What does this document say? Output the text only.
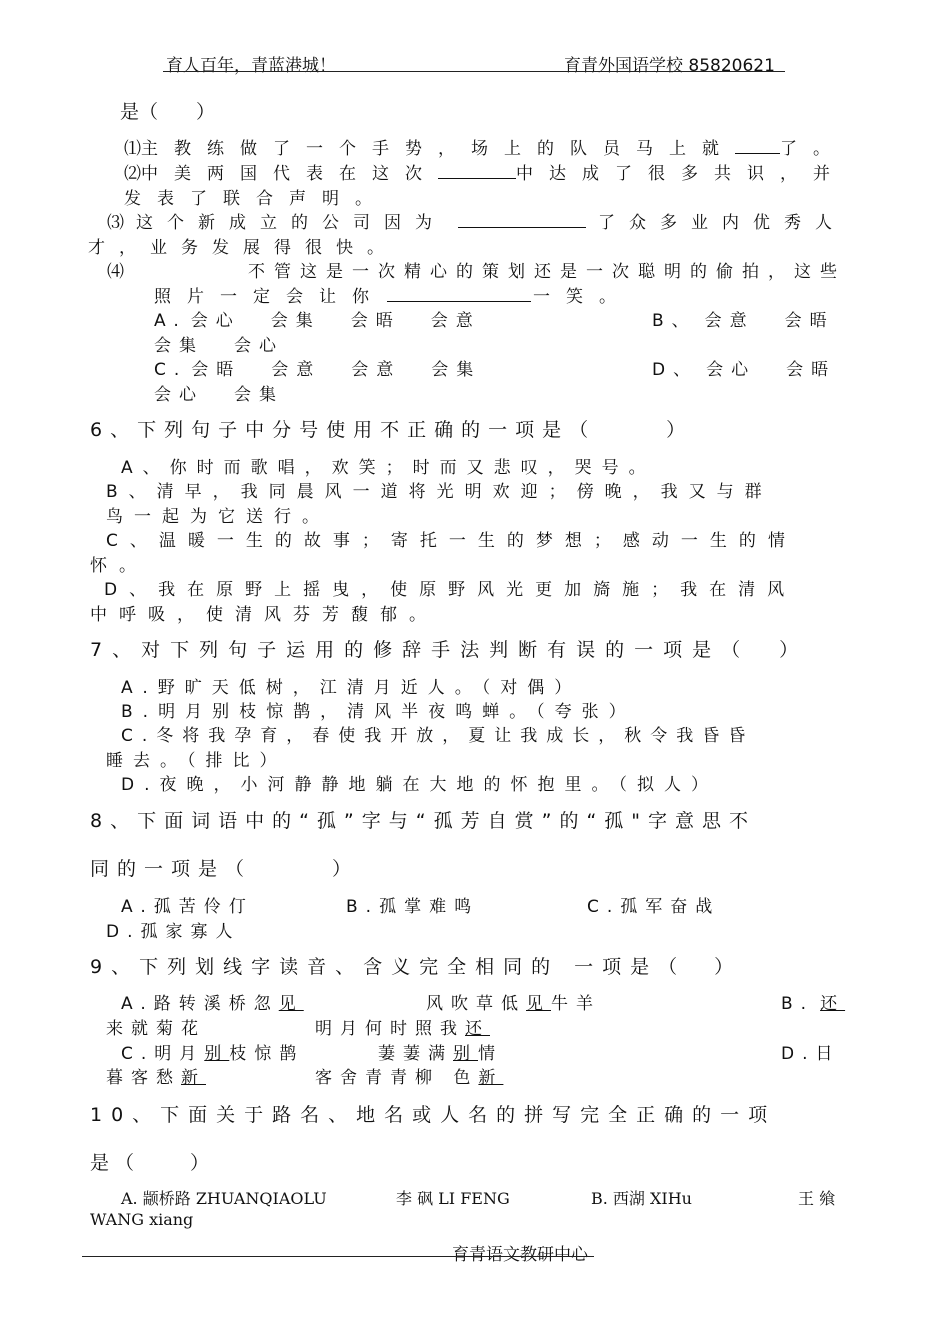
育人百年，青蓝港城！	育青外国语学校 85820621
是（　　）
⑴ 主教练做了一个手势，场上的队员马上就	了。
⑵ 中美两国代表在这次	中达成了很多共识，并
发表了联合声明。
⑶ 这个新成立的公司因为	了众多业内优秀人
才，业务发展得很快。
⑷	不管这是一次精心的策划还是一次聪明的偷拍，这些
照片一定会让你	一笑。
A. 会心 会集 会晤 会意	B、 会意 会晤
会集 会心
C. 会晤 会意 会意 会集	D、 会心 会晤
会心 会集
6、下列句子中分号使用不正确的一项是（	）
A、你时而歌唱，欢笑；时而又悲叹，哭号。
B、清早，我同晨风一道将光明欢迎；傍晚，我又与群
鸟一起为它送行。
C、温暖一生的故事；寄托一生的梦想；感动一生的情
怀。
D、我在原野上摇曳，使原野风光更加旖施；我在清风
中呼吸，使清风芬芳馥郁。
7、对下列句子运用的修辞手法判断有误的一项是（　）
A.野旷天低树，江清月近人。（对偶）
B.明月别枝惊鹊，清风半夜鸣蝉。（夸张）
C.冬将我孕育，春使我开放，夏让我成长，秋令我昏昏
睡去。（排比）
D.夜晚，小河静静地躺在大地的怀抱里。（拟人）
8、下面词语中的“孤”字与“孤芳自赏”的“孤"字意思不
同的一项是（	）
A.孤苦伶仃	B.孤掌难鸣	C.孤军奋战
D.孤家寡人
9、下列划线字读音、含义完全相同的 一项是（　）
A.路转溪桥忽见	风吹草低见牛羊	B. 还
来就菊花	明月何时照我还
C.明月别枝惊鹊	萋萋满别情	D.日
暮客愁新	客舍青青柳 色新
10、下面关于路名、地名或人名的拼写完全正确的一项
是（　　）
A. 颛桥路 ZHUANQIAOLU	李 砜 LI FENG	B. 西湖 XIHu	王 飨
WANG xiang
育青语文教研中心
